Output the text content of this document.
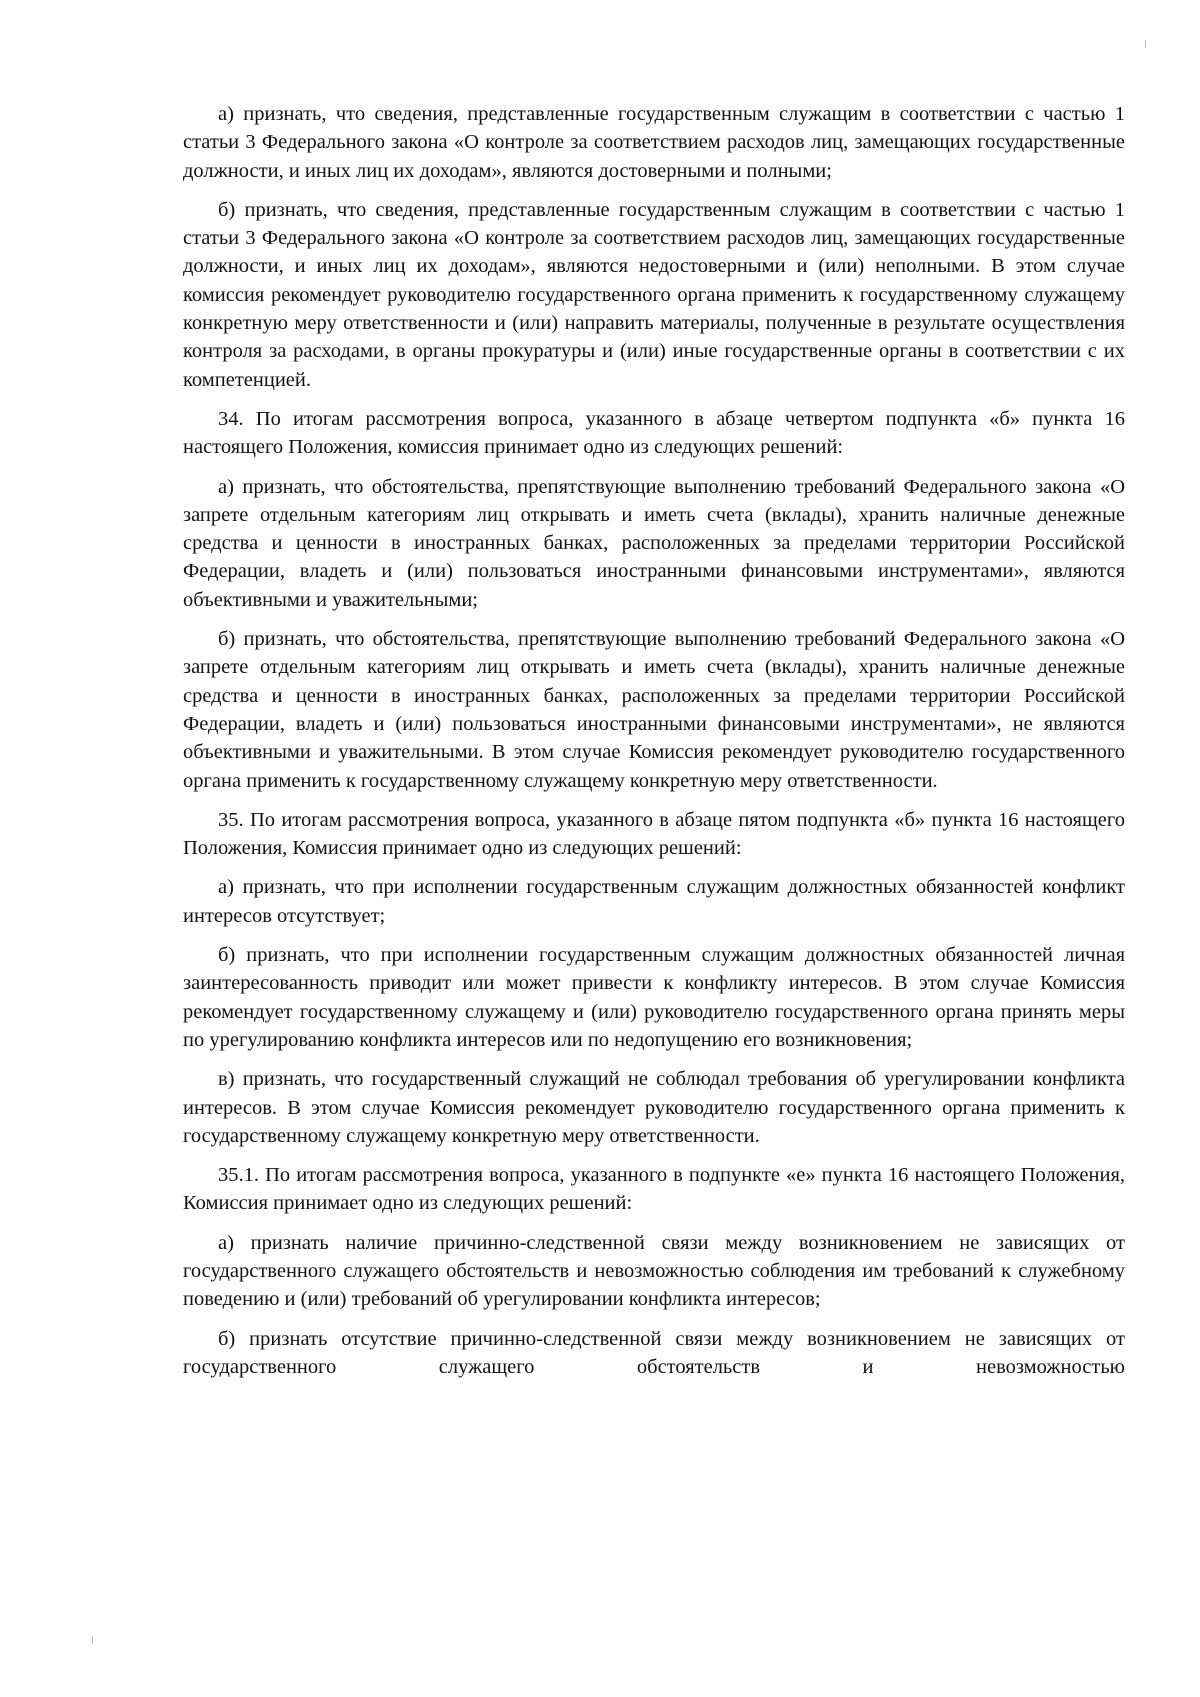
а) признать, что сведения, представленные государственным служащим в соответствии с частью 1 статьи 3 Федерального закона «О контроле за соответствием расходов лиц, замещающих государственные должности, и иных лиц их доходам», являются достоверными и полными;

б) признать, что сведения, представленные государственным служащим в соответствии с частью 1 статьи 3 Федерального закона «О контроле за соответствием расходов лиц, замещающих государственные должности, и иных лиц их доходам», являются недостоверными и (или) неполными. В этом случае комиссия рекомендует руководителю государственного органа применить к государственному служащему конкретную меру ответственности и (или) направить материалы, полученные в результате осуществления контроля за расходами, в органы прокуратуры и (или) иные государственные органы в соответствии с их компетенцией.

34. По итогам рассмотрения вопроса, указанного в абзаце четвертом подпункта «б» пункта 16 настоящего Положения, комиссия принимает одно из следующих решений:

а) признать, что обстоятельства, препятствующие выполнению требований Федерального закона «О запрете отдельным категориям лиц открывать и иметь счета (вклады), хранить наличные денежные средства и ценности в иностранных банках, расположенных за пределами территории Российской Федерации, владеть и (или) пользоваться иностранными финансовыми инструментами», являются объективными и уважительными;

б) признать, что обстоятельства, препятствующие выполнению требований Федерального закона «О запрете отдельным категориям лиц открывать и иметь счета (вклады), хранить наличные денежные средства и ценности в иностранных банках, расположенных за пределами территории Российской Федерации, владеть и (или) пользоваться иностранными финансовыми инструментами», не являются объективными и уважительными. В этом случае Комиссия рекомендует руководителю государственного органа применить к государственному служащему конкретную меру ответственности.

35. По итогам рассмотрения вопроса, указанного в абзаце пятом подпункта «б» пункта 16 настоящего Положения, Комиссия принимает одно из следующих решений:

а) признать, что при исполнении государственным служащим должностных обязанностей конфликт интересов отсутствует;

б) признать, что при исполнении государственным служащим должностных обязанностей личная заинтересованность приводит или может привести к конфликту интересов. В этом случае Комиссия рекомендует государственному служащему и (или) руководителю государственного органа принять меры по урегулированию конфликта интересов или по недопущению его возникновения;

в) признать, что государственный служащий не соблюдал требования об урегулировании конфликта интересов. В этом случае Комиссия рекомендует руководителю государственного органа применить к государственному служащему конкретную меру ответственности.

35.1. По итогам рассмотрения вопроса, указанного в подпункте «е» пункта 16 настоящего Положения, Комиссия принимает одно из следующих решений:

а) признать наличие причинно-следственной связи между возникновением не зависящих от государственного служащего обстоятельств и невозможностью соблюдения им требований к служебному поведению и (или) требований об урегулировании конфликта интересов;

б) признать отсутствие причинно-следственной связи между возникновением не зависящих от государственного служащего обстоятельств и невозможностью
